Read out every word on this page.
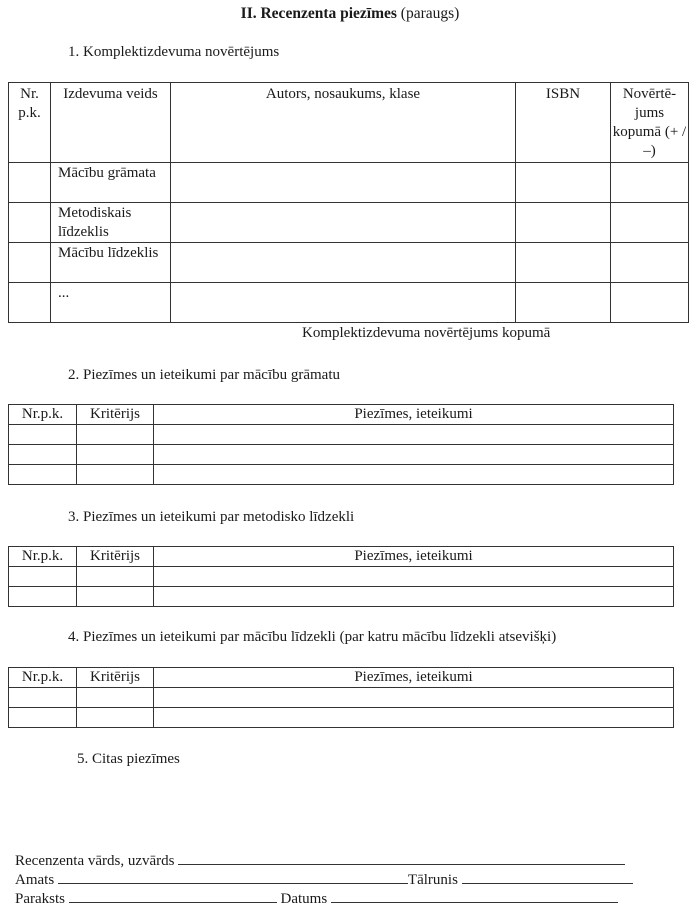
II. Recenzenta piezīmes (paraugs)
1. Komplektizdevuma novērtējums
Nr. p.k.	Izdevuma veids	Autors, nosaukums, klase	ISBN	Novērtē-jums kopumā (+ / –)
	Mācību grāmata			
	Metodiskais līdzeklis			
	Mācību līdzeklis			
	...			
Komplektizdevuma novērtējums kopumā
2. Piezīmes un ieteikumi par mācību grāmatu
Nr.p.k.	Kritērijs	Piezīmes, ieteikumi

3. Piezīmes un ieteikumi par metodisko līdzekli
Nr.p.k.	Kritērijs	Piezīmes, ieteikumi

4. Piezīmes un ieteikumi par mācību līdzekli (par katru mācību līdzekli atsevišķi)
Nr.p.k.	Kritērijs	Piezīmes, ieteikumi

5. Citas piezīmes
Recenzenta vārds, uzvārds
Amats	Tālrunis
Paraksts	Datums
